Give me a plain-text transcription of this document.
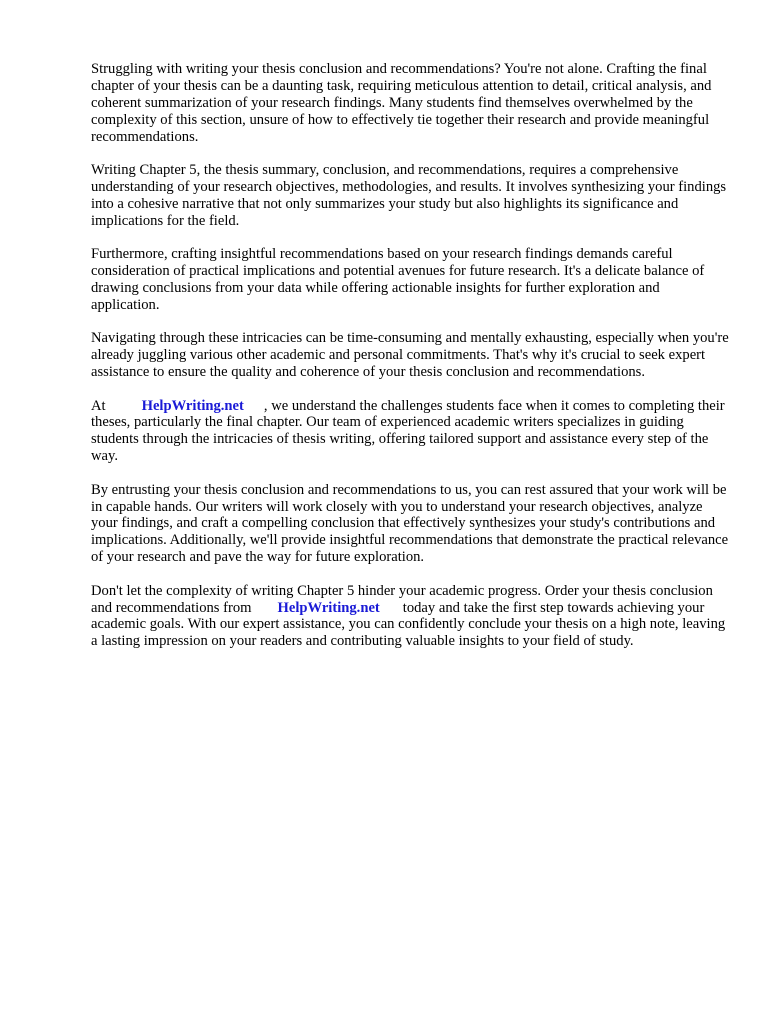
Struggling with writing your thesis conclusion and recommendations? You're not alone. Crafting the final chapter of your thesis can be a daunting task, requiring meticulous attention to detail, critical analysis, and coherent summarization of your research findings. Many students find themselves overwhelmed by the complexity of this section, unsure of how to effectively tie together their research and provide meaningful recommendations.

Writing Chapter 5, the thesis summary, conclusion, and recommendations, requires a comprehensive understanding of your research objectives, methodologies, and results. It involves synthesizing your findings into a cohesive narrative that not only summarizes your study but also highlights its significance and implications for the field.

Furthermore, crafting insightful recommendations based on your research findings demands careful consideration of practical implications and potential avenues for future research. It's a delicate balance of drawing conclusions from your data while offering actionable insights for further exploration and application.

Navigating through these intricacies can be time-consuming and mentally exhausting, especially when you're already juggling various other academic and personal commitments. That's why it's crucial to seek expert assistance to ensure the quality and coherence of your thesis conclusion and recommendations.

At HelpWriting.net , we understand the challenges students face when it comes to completing their theses, particularly the final chapter. Our team of experienced academic writers specializes in guiding students through the intricacies of thesis writing, offering tailored support and assistance every step of the way.

By entrusting your thesis conclusion and recommendations to us, you can rest assured that your work will be in capable hands. Our writers will work closely with you to understand your research objectives, analyze your findings, and craft a compelling conclusion that effectively synthesizes your study's contributions and implications. Additionally, we'll provide insightful recommendations that demonstrate the practical relevance of your research and pave the way for future exploration.

Don't let the complexity of writing Chapter 5 hinder your academic progress. Order your thesis conclusion and recommendations from HelpWriting.net today and take the first step towards achieving your academic goals. With our expert assistance, you can confidently conclude your thesis on a high note, leaving a lasting impression on your readers and contributing valuable insights to your field of study.
